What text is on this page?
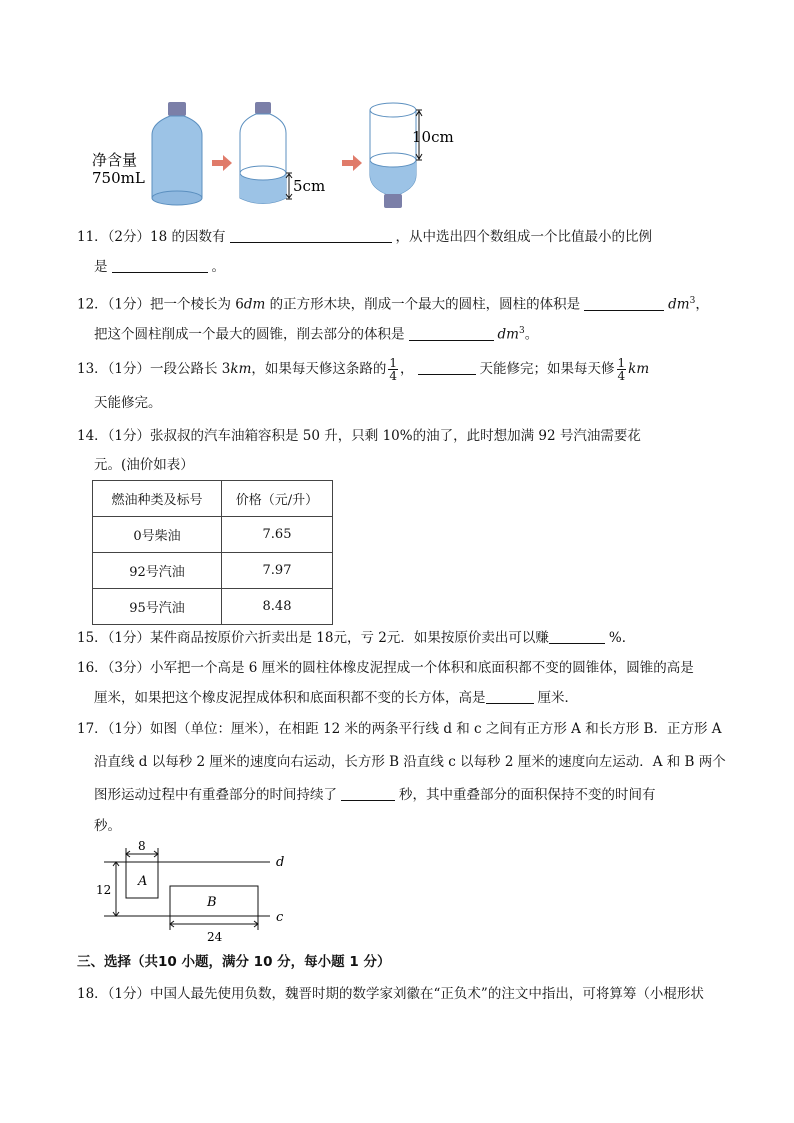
净含量
750mL	5cm
10cm
11．（2分）18 的因数有	，从中选出四个数组成一个比值最小的比例
是	。
12．（1分）把一个棱长为 6dm 的正方形木块，削成一个最大的圆柱，圆柱的体积是	$dm^3$，
把这个圆柱削成一个最大的圆锥，削去部分的体积是	$dm^3$。
13．（1分）一段公路长 3km，如果每天修这条路的 $\frac{1}{4}$ ，	天能修完；如果每天修 $\frac{1}{4}$ km
天能修完。
14．（1分）张叔叔的汽车油箱容积是 50 升，只剩 10%的油了，此时想加满 92 号汽油需要花
元。(油价如表）
燃油种类及标号	价格（元/升）
0号柴油	7.65
92号汽油	7.97
95号汽油	8.48
15．（1分）某件商品按原价六折卖出是 18元，亏 2元．如果按原价卖出可以赚	%．
16．（3分）小军把一个高是 6 厘米的圆柱体橡皮泥捏成一个体积和底面积都不变的圆锥体，圆锥的高是
厘米，如果把这个橡皮泥捏成体积和底面积都不变的长方体，高是	厘米．
17．（1分）如图（单位：厘米），在相距 12 米的两条平行线 d 和 c 之间有正方形 A 和长方形 B．正方形 A
沿直线 d 以每秒 2 厘米的速度向右运动，长方形 B 沿直线 c 以每秒 2 厘米的速度向左运动．A 和 B 两个
图形运动过程中有重叠部分的时间持续了	秒，其中重叠部分的面积保持不变的时间有
秒。
d
c
A
B
8
12
24
三、选择（共10 小题，满分 10 分，每小题 1 分）
18．（1分）中国人最先使用负数，魏晋时期的数学家刘徽在“正负术”的注文中指出，可将算筹（小棍形状
